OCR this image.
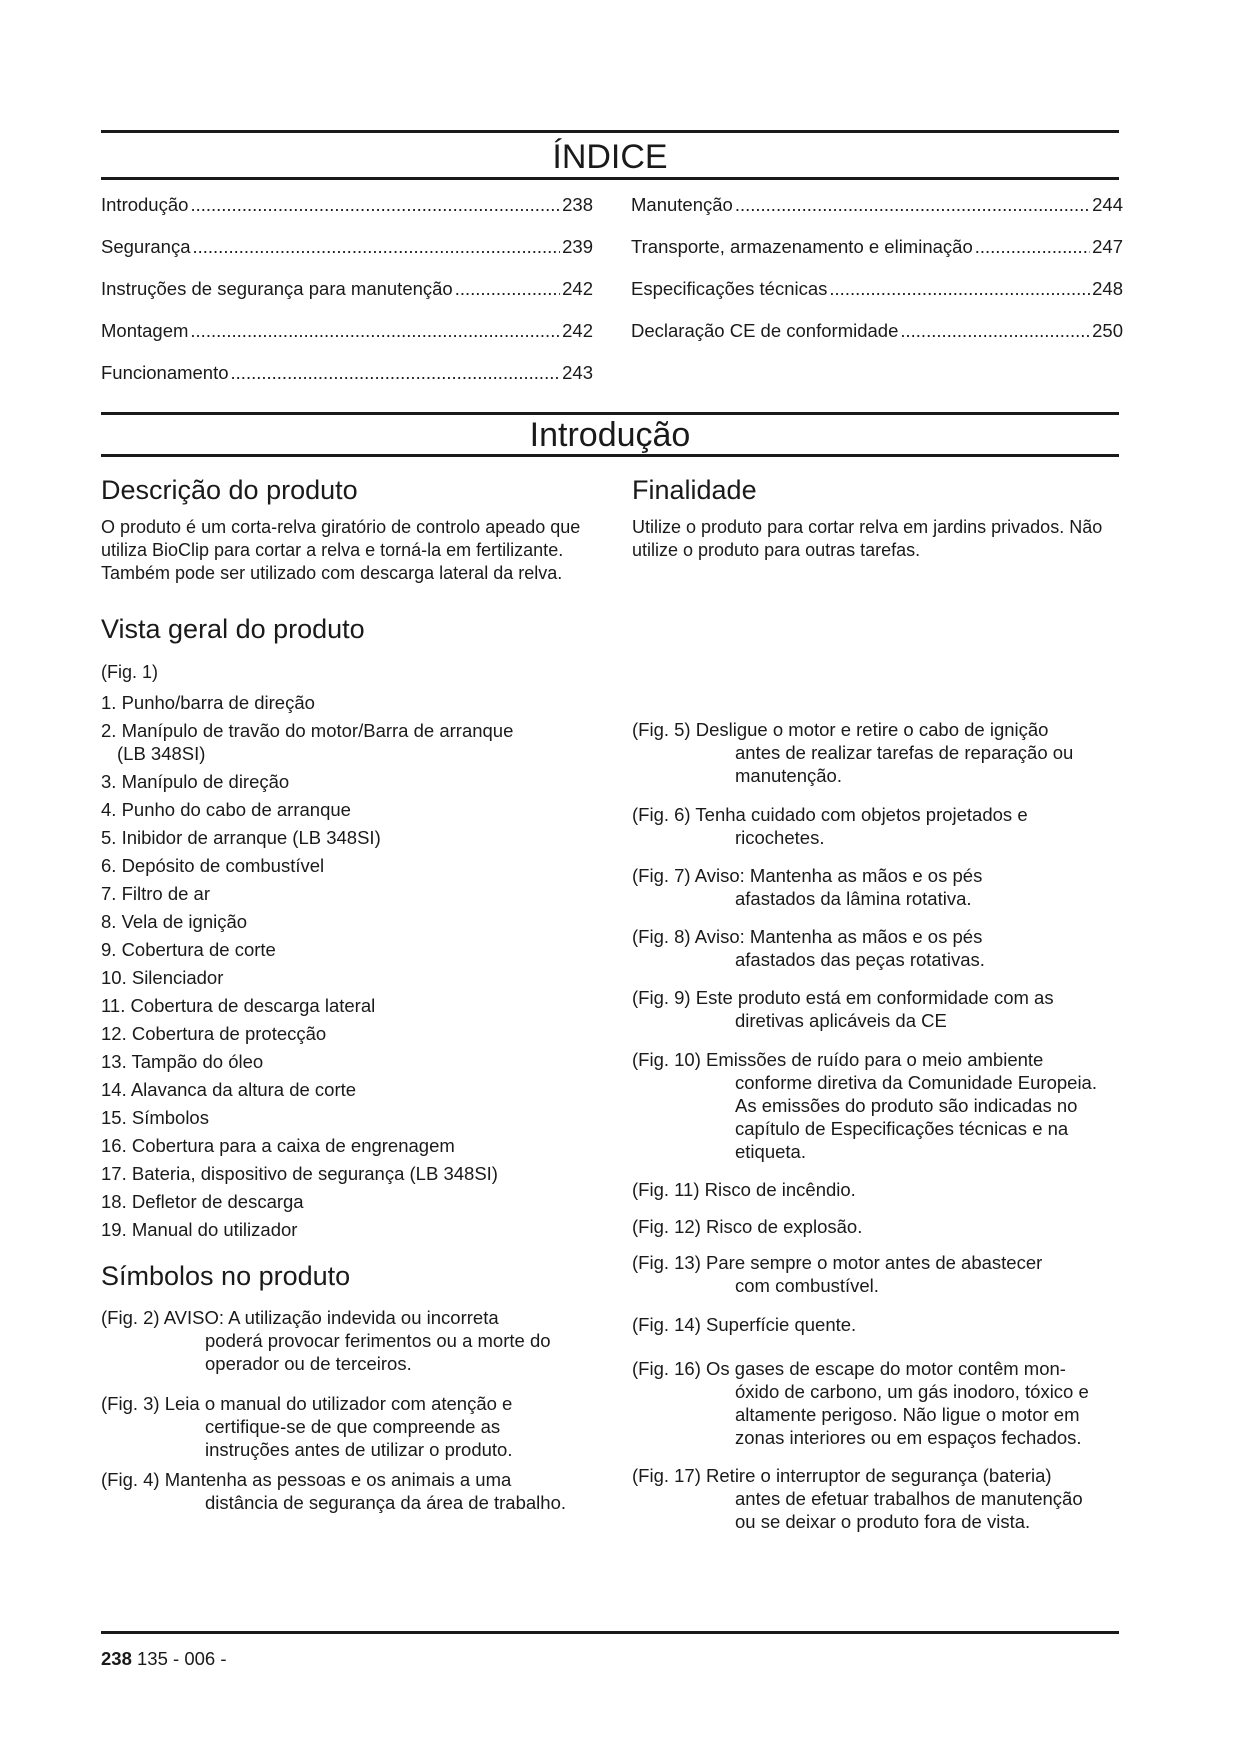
ÍNDICE
Introdução .....	238
Segurança .....	239
Instruções de segurança para manutenção .....	242
Montagem .....	242
Funcionamento .....	243
Manutenção .....	244
Transporte, armazenamento e eliminação .....	247
Especificações técnicas .....	248
Declaração CE de conformidade .....	250
Introdução
Descrição do produto

O produto é um corta-relva giratório de controlo apeado que utiliza BioClip para cortar a relva e torná-la em fertilizante. Também pode ser utilizado com descarga lateral da relva.

Vista geral do produto
(Fig. 1)
1. Punho/barra de direção
2. Manípulo de travão do motor/Barra de arranque
(LB 348SI)
3. Manípulo de direção
4. Punho do cabo de arranque
5. Inibidor de arranque (LB 348SI)
6. Depósito de combustível
7. Filtro de ar
8. Vela de ignição
9. Cobertura de corte
10. Silenciador
11. Cobertura de descarga lateral
12. Cobertura de protecção
13. Tampão do óleo
14. Alavanca da altura de corte
15. Símbolos
16. Cobertura para a caixa de engrenagem
17. Bateria, dispositivo de segurança (LB 348SI)
18. Defletor de descarga
19. Manual do utilizador
Símbolos no produto
(Fig. 2) AVISO: A utilização indevida ou incorreta
poderá provocar ferimentos ou a morte do
operador ou de terceiros.
(Fig. 3) Leia o manual do utilizador com atenção e
certifique-se de que compreende as
instruções antes de utilizar o produto.
(Fig. 4) Mantenha as pessoas e os animais a uma
distância de segurança da área de trabalho.
Finalidade

Utilize o produto para cortar relva em jardins privados. Não utilize o produto para outras tarefas.

(Fig. 5) Desligue o motor e retire o cabo de ignição
antes de realizar tarefas de reparação ou
manutenção.
(Fig. 6) Tenha cuidado com objetos projetados e
ricochetes.
(Fig. 7) Aviso: Mantenha as mãos e os pés
afastados da lâmina rotativa.
(Fig. 8) Aviso: Mantenha as mãos e os pés
afastados das peças rotativas.
(Fig. 9) Este produto está em conformidade com as
diretivas aplicáveis da CE
(Fig. 10) Emissões de ruído para o meio ambiente
conforme diretiva da Comunidade Europeia.
As emissões do produto são indicadas no
capítulo de Especificações técnicas e na
etiqueta.
(Fig. 11) Risco de incêndio.
(Fig. 12) Risco de explosão.
(Fig. 13) Pare sempre o motor antes de abastecer
com combustível.
(Fig. 14) Superfície quente.
(Fig. 16) Os gases de escape do motor contêm mon-
óxido de carbono, um gás inodoro, tóxico e
altamente perigoso. Não ligue o motor em
zonas interiores ou em espaços fechados.
(Fig. 17) Retire o interruptor de segurança (bateria)
antes de efetuar trabalhos de manutenção
ou se deixar o produto fora de vista.
238 135 - 006 -
